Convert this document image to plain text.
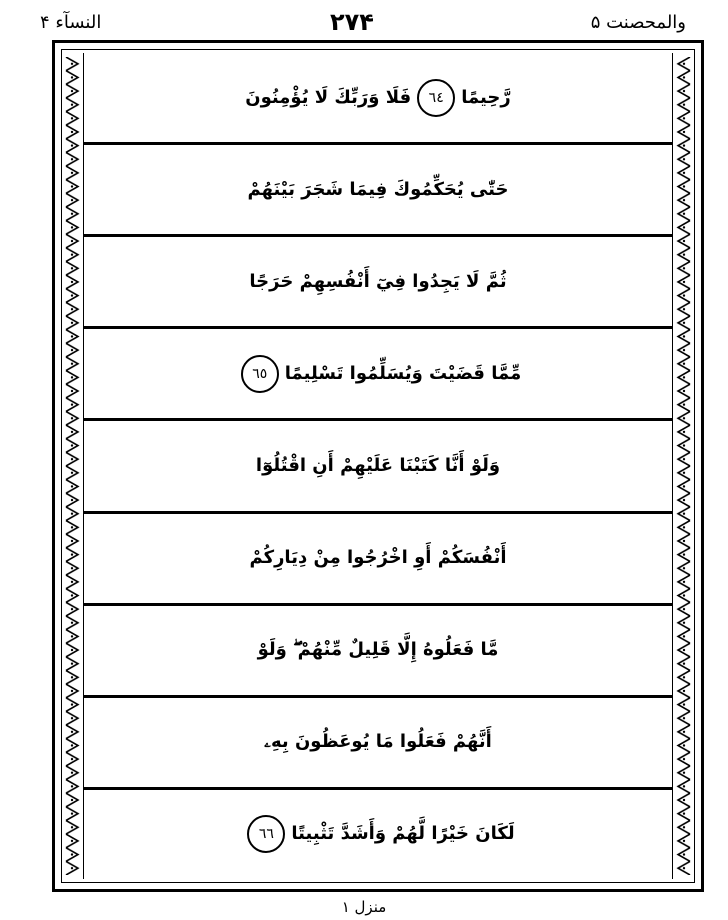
النسآء ۴	۲۷۴	والمحصنت ۵
رَّحِيمًا
٦٤
فَلَا وَرَبِّكَ لَا يُؤْمِنُونَ
حَتّٰى يُحَكِّمُوكَ فِيمَا شَجَرَ بَيْنَهُمْ
ثُمَّ لَا يَجِدُوا فِيٓ أَنْفُسِهِمْ حَرَجًا
مِّمَّا قَضَيْتَ وَيُسَلِّمُوا تَسْلِيمًا
٦٥
وَلَوْ أَنَّا كَتَبْنَا عَلَيْهِمْ أَنِ اقْتُلُوٓا
أَنْفُسَكُمْ أَوِ اخْرُجُوا مِنْ دِيَارِكُمْ
مَّا فَعَلُوهُ إِلَّا قَلِيلٌ مِّنْهُمْ ۖ وَلَوْ
أَنَّهُمْ فَعَلُوا مَا يُوعَظُونَ بِهِۦ
لَكَانَ خَيْرًا لَّهُمْ وَأَشَدَّ تَثْبِيتًا
٦٦
منزل ١
